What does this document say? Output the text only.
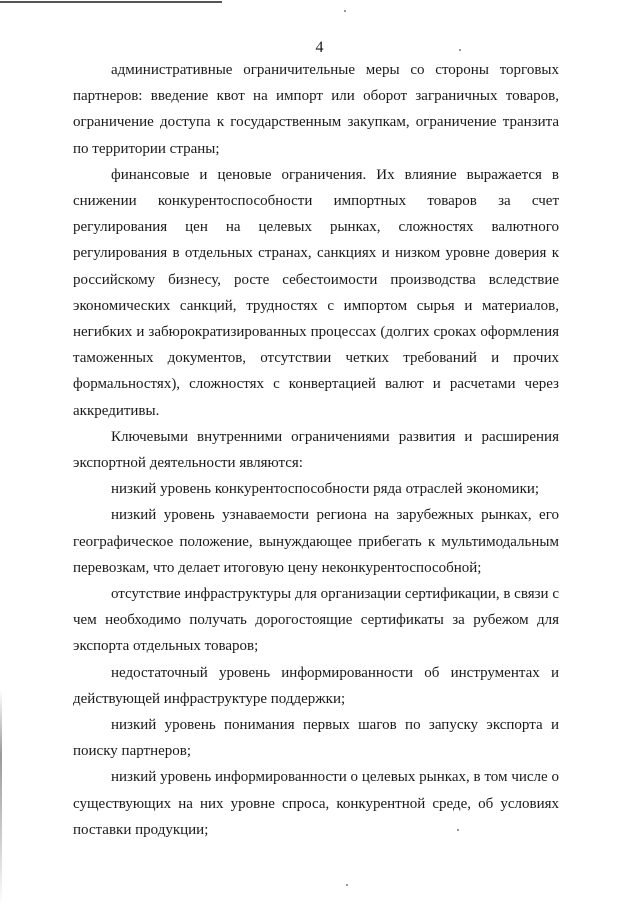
4

административные ограничительные меры со стороны торговых партнеров: введение квот на импорт или оборот заграничных товаров, ограничение доступа к государственным закупкам, ограничение транзита по территории страны;

финансовые и ценовые ограничения. Их влияние выражается в снижении конкурентоспособности импортных товаров за счет регулирования цен на целевых рынках, сложностях валютного регулирования в отдельных странах, санкциях и низком уровне доверия к российскому бизнесу, росте себестоимости производства вследствие экономических санкций, трудностях с импортом сырья и материалов, негибких и забюрократизированных процессах (долгих сроках оформления таможенных документов, отсутствии четких требований и прочих формальностях), сложностях с конвертацией валют и расчетами через аккредитивы.

Ключевыми внутренними ограничениями развития и расширения экспортной деятельности являются:

низкий уровень конкурентоспособности ряда отраслей экономики;

низкий уровень узнаваемости региона на зарубежных рынках, его географическое положение, вынуждающее прибегать к мультимодальным перевозкам, что делает итоговую цену неконкурентоспособной;

отсутствие инфраструктуры для организации сертификации, в связи с чем необходимо получать дорогостоящие сертификаты за рубежом для экспорта отдельных товаров;

недостаточный уровень информированности об инструментах и действующей инфраструктуре поддержки;

низкий уровень понимания первых шагов по запуску экспорта и поиску партнеров;

низкий уровень информированности о целевых рынках, в том числе о существующих на них уровне спроса, конкурентной среде, об условиях поставки продукции;
